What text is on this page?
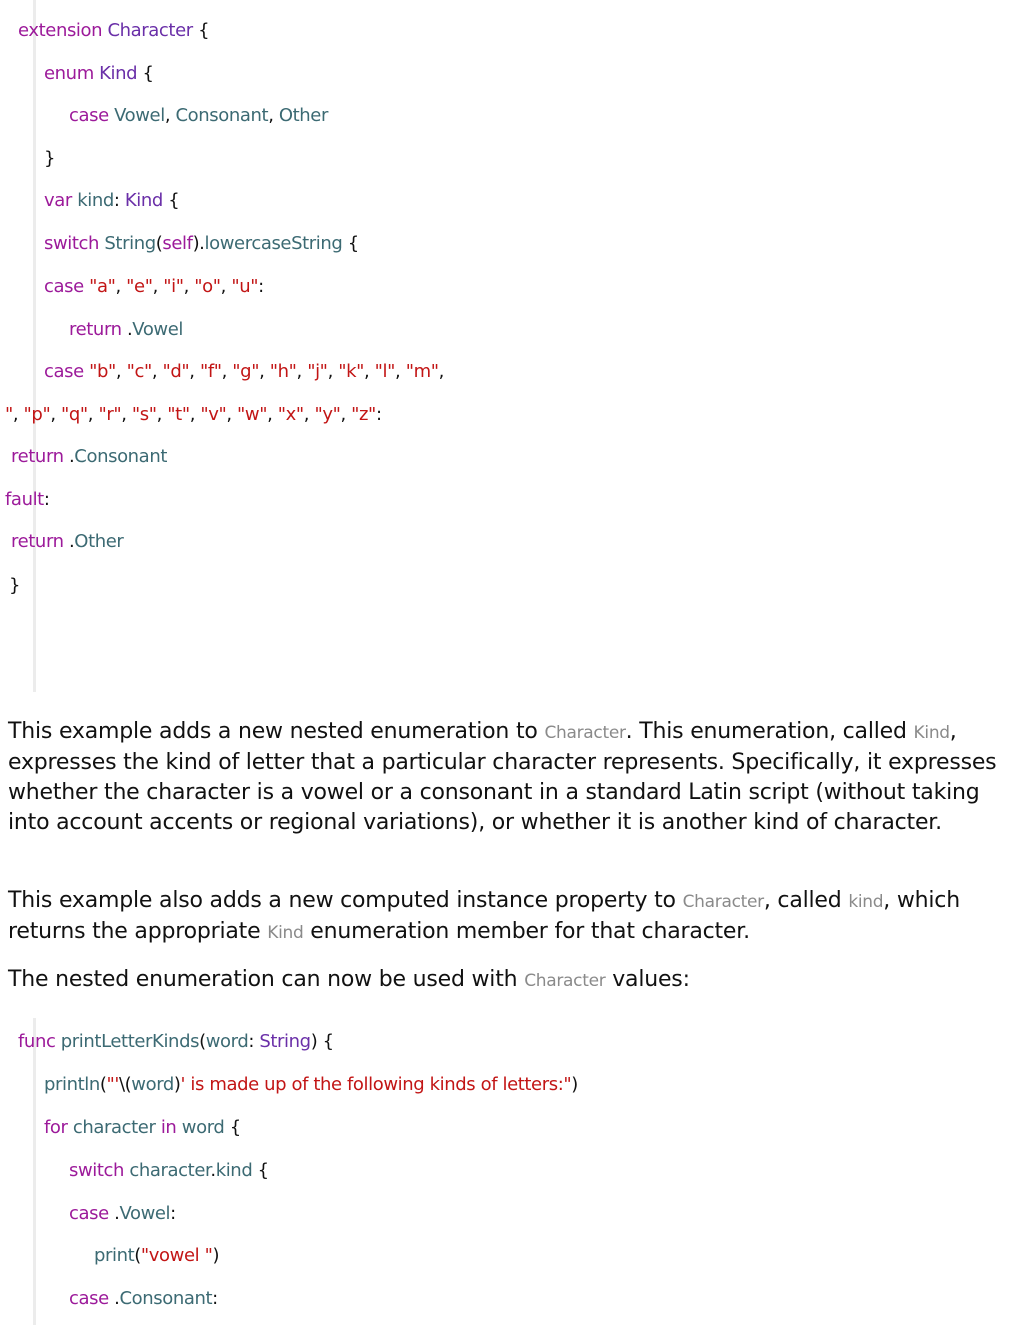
extension Character {
enum Kind {
case Vowel, Consonant, Other
}
var kind: Kind {
switch String(self).lowercaseString {
case "a", "e", "i", "o", "u":
return .Vowel
case "b", "c", "d", "f", "g", "h", "j", "k", "l", "m",
", "p", "q", "r", "s", "t", "v", "w", "x", "y", "z":
return .Consonant
fault:
return .Other
}

This example adds a new nested enumeration to Character. This enumeration, called Kind, expresses the kind of letter that a particular character represents. Specifically, it expresses whether the character is a vowel or a consonant in a standard Latin script (without taking into account accents or regional variations), or whether it is another kind of character.

This example also adds a new computed instance property to Character, called kind, which returns the appropriate Kind enumeration member for that character.

The nested enumeration can now be used with Character values:

func printLetterKinds(word: String) {
println("'\(word)' is made up of the following kinds of letters:")
for character in word {
switch character.kind {
case .Vowel:
print("vowel ")
case .Consonant:
